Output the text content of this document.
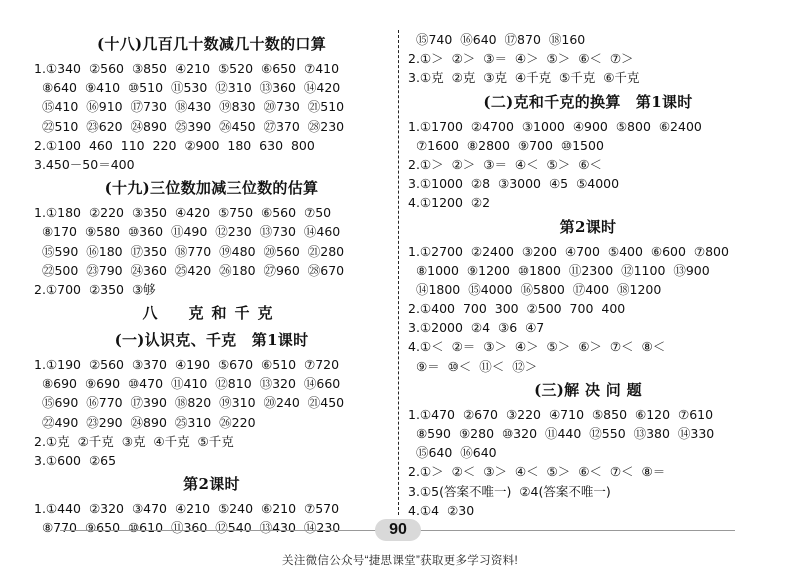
(十八)几百几十数减几十数的口算
1.①340  ②560  ③850  ④210  ⑤520  ⑥650  ⑦410
⑧640  ⑨410  ⑩510  ⑪530  ⑫310  ⑬360  ⑭420
⑮410  ⑯910  ⑰730  ⑱430  ⑲830  ⑳730  ㉑510
㉒510  ㉓620  ㉔890  ㉕390  ㉖450  ㉗370  ㉘230
2.①100  460  110  220  ②900  180  630  800
3.450－50＝400
(十九)三位数加减三位数的估算
1.①180  ②220  ③350  ④420  ⑤750  ⑥560  ⑦50
⑧170  ⑨580  ⑩360  ⑪490  ⑫230  ⑬730  ⑭460
⑮590  ⑯180  ⑰350  ⑱770  ⑲480  ⑳560  ㉑280
㉒500  ㉓790  ㉔360  ㉕420  ㉖180  ㉗960  ㉘670
2.①700  ②350  ③够
八　克和千克
(一)认识克、千克　第1课时
1.①190  ②560  ③370  ④190  ⑤670  ⑥510  ⑦720
⑧690  ⑨690  ⑩470  ⑪410  ⑫810  ⑬320  ⑭660
⑮690  ⑯770  ⑰390  ⑱820  ⑲310  ⑳240  ㉑450
㉒490  ㉓290  ㉔890  ㉕310  ㉖220
2.①克  ②千克  ③克  ④千克  ⑤千克
3.①600  ②65
第2课时
1.①440  ②320  ③470  ④210  ⑤240  ⑥210  ⑦570
⑧770  ⑨650  ⑩610  ⑪360  ⑫540  ⑬430  ⑭230
⑮740  ⑯640  ⑰870  ⑱160
2.①＞  ②＞  ③＝  ④＞  ⑤＞  ⑥＜  ⑦＞
3.①克  ②克  ③克  ④千克  ⑤千克  ⑥千克
(二)克和千克的换算　第1课时
1.①1700  ②4700  ③1000  ④900  ⑤800  ⑥2400
⑦1600  ⑧2800  ⑨700  ⑩1500
2.①＞  ②＞  ③＝  ④＜  ⑤＞  ⑥＜
3.①1000  ②8  ③3000  ④5  ⑤4000
4.①1200  ②2
第2课时
1.①2700  ②2400  ③200  ④700  ⑤400  ⑥600  ⑦800
⑧1000  ⑨1200  ⑩1800  ⑪2300  ⑫1100  ⑬900
⑭1800  ⑮4000  ⑯5800  ⑰400  ⑱1200
2.①400  700  300  ②500  700  400
3.①2000  ②4  ③6  ④7
4.①＜  ②＝  ③＞  ④＞  ⑤＞  ⑥＞  ⑦＜  ⑧＜
⑨＝  ⑩＜  ⑪＜  ⑫＞
(三)解 决 问 题
1.①470  ②670  ③220  ④710  ⑤850  ⑥120  ⑦610
⑧590  ⑨280  ⑩320  ⑪440  ⑫550  ⑬380  ⑭330
⑮640  ⑯640
2.①＞  ②＜  ③＞  ④＜  ⑤＞  ⑥＜  ⑦＜  ⑧＝
3.①5(答案不唯一)  ②4(答案不唯一)
4.①4  ②30
90
关注微信公众号“捷思课堂”获取更多学习资料!
